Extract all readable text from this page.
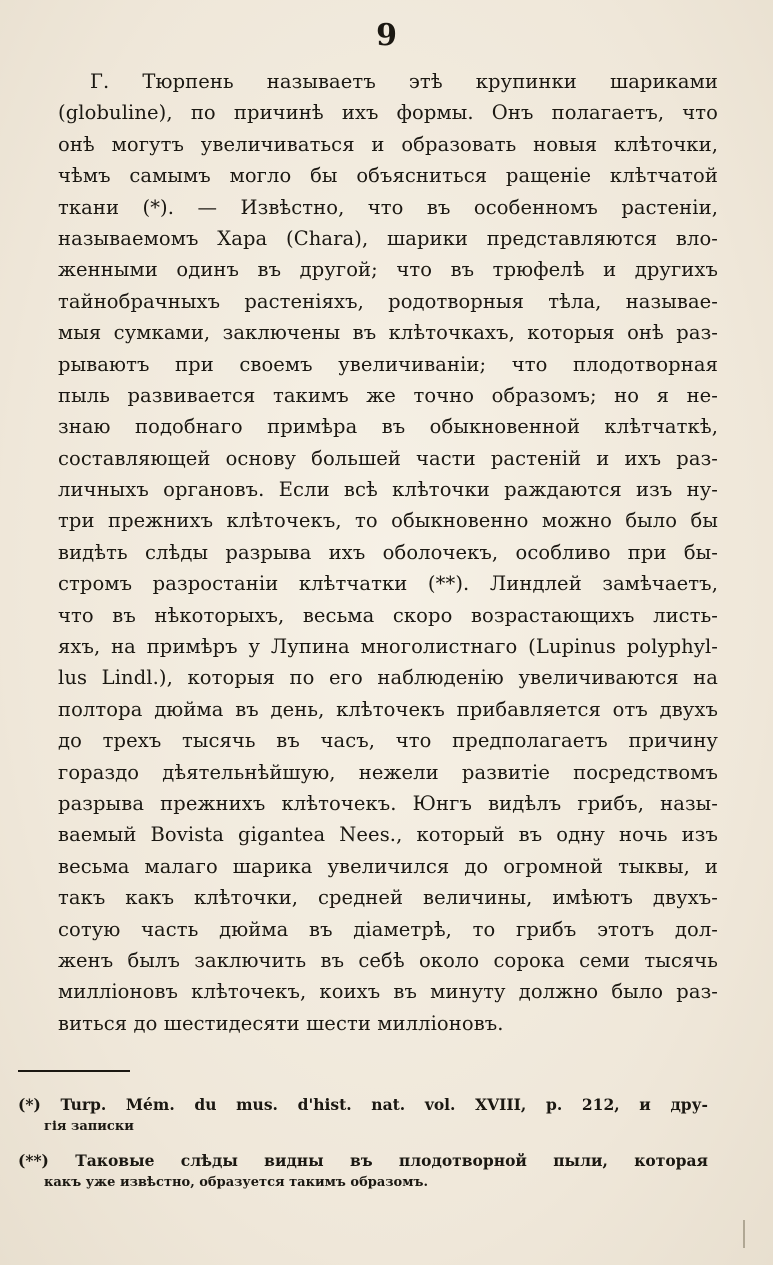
9
Г. Тюрпень называетъ этѣ крупинки шариками
(globuline), по причинѣ ихъ формы. Онъ полагаетъ, что
онѣ могутъ увеличиваться и образовать новыя клѣточки,
чѣмъ самымъ могло бы объясниться ращеніе клѣтчатой
ткани (*). — Извѣстно, что въ особенномъ растеніи,
называемомъ Хара (Chara), шарики представляются вло-
женными одинъ въ другой; что въ трюфелѣ и другихъ
тайнобрачныхъ растеніяхъ, родотворныя тѣла, называе-
мыя сумками, заключены въ клѣточкахъ, которыя онѣ раз-
рываютъ при своемъ увеличиваніи; что плодотворная
пыль развивается такимъ же точно образомъ; но я не-
знаю подобнаго примѣра въ обыкновенной клѣтчаткѣ,
составляющей основу большей части растеній и ихъ раз-
личныхъ органовъ. Если всѣ клѣточки раждаются изъ ну-
три прежнихъ клѣточекъ, то обыкновенно можно было бы
видѣть слѣды разрыва ихъ оболочекъ, особливо при бы-
стромъ разростаніи клѣтчатки (**). Линдлей замѣчаетъ,
что въ нѣкоторыхъ, весьма скоро возрастающихъ листь-
яхъ, на примѣръ у Лупина многолистнаго (Lupinus polyphyl-
lus Lindl.), которыя по его наблюденію увеличиваются на
полтора дюйма въ день, клѣточекъ прибавляется отъ двухъ
до трехъ тысячь въ часъ, что предполагаетъ причину
гораздо дѣятельнѣйшую, нежели развитіе посредствомъ
разрыва прежнихъ клѣточекъ. Юнгъ видѣлъ грибъ, назы-
ваемый Bovista gigantea Nees., который въ одну ночь изъ
весьма малаго шарика увеличился до огромной тыквы, и
такъ какъ клѣточки, средней величины, имѣютъ двухъ-
сотую часть дюйма въ діаметрѣ, то грибъ этотъ дол-
женъ былъ заключить въ себѣ около сорока семи тысячь
милліоновъ клѣточекъ, коихъ въ минуту должно было раз-
виться до шестидесяти шести милліоновъ.
(*) Turp. Mém. du mus. d'hist. nat. vol. XVIII, p. 212, и дру-
гія записки
(**) Таковые слѣды видны въ плодотворной пыли, которая
какъ уже извѣстно, образуется такимъ образомъ.
